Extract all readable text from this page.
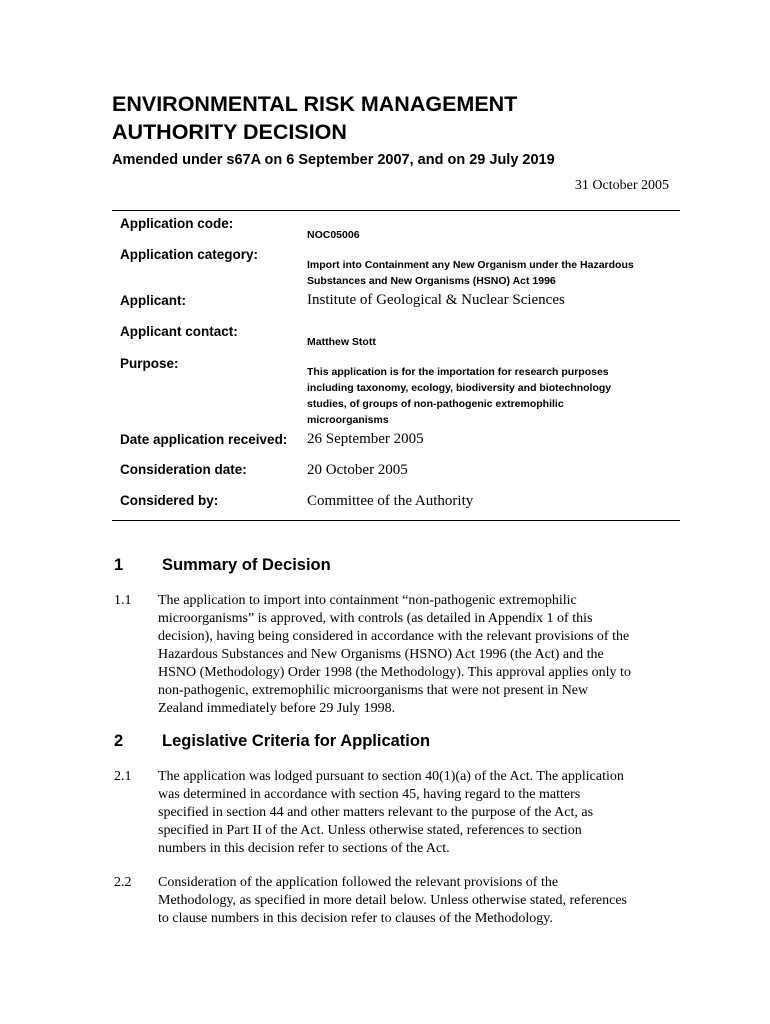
ENVIRONMENTAL RISK MANAGEMENT
AUTHORITY DECISION
Amended under s67A on 6 September 2007, and on 29 July 2019
31 October 2005
Application code:
NOC05006
Application category:
Import into Containment any New Organism under the Hazardous
Substances and New Organisms (HSNO) Act 1996
Applicant:	Institute of Geological & Nuclear Sciences
Applicant contact:
Matthew Stott
Purpose:
This application is for the importation for research purposes
including taxonomy, ecology, biodiversity and biotechnology
studies, of groups of non-pathogenic extremophilic
microorganisms
Date application received: 26 September 2005
Consideration date:	20 October 2005
Considered by:	Committee of the Authority
1 Summary of Decision
1.1 The application to import into containment “non-pathogenic extremophilic
microorganisms” is approved, with controls (as detailed in Appendix 1 of this
decision), having being considered in accordance with the relevant provisions of the
Hazardous Substances and New Organisms (HSNO) Act 1996 (the Act) and the
HSNO (Methodology) Order 1998 (the Methodology). This approval applies only to
non-pathogenic, extremophilic microorganisms that were not present in New
Zealand immediately before 29 July 1998.
2 Legislative Criteria for Application
2.1 The application was lodged pursuant to section 40(1)(a) of the Act. The application
was determined in accordance with section 45, having regard to the matters
specified in section 44 and other matters relevant to the purpose of the Act, as
specified in Part II of the Act. Unless otherwise stated, references to section
numbers in this decision refer to sections of the Act.
2.2 Consideration of the application followed the relevant provisions of the
Methodology, as specified in more detail below. Unless otherwise stated, references
to clause numbers in this decision refer to clauses of the Methodology.
